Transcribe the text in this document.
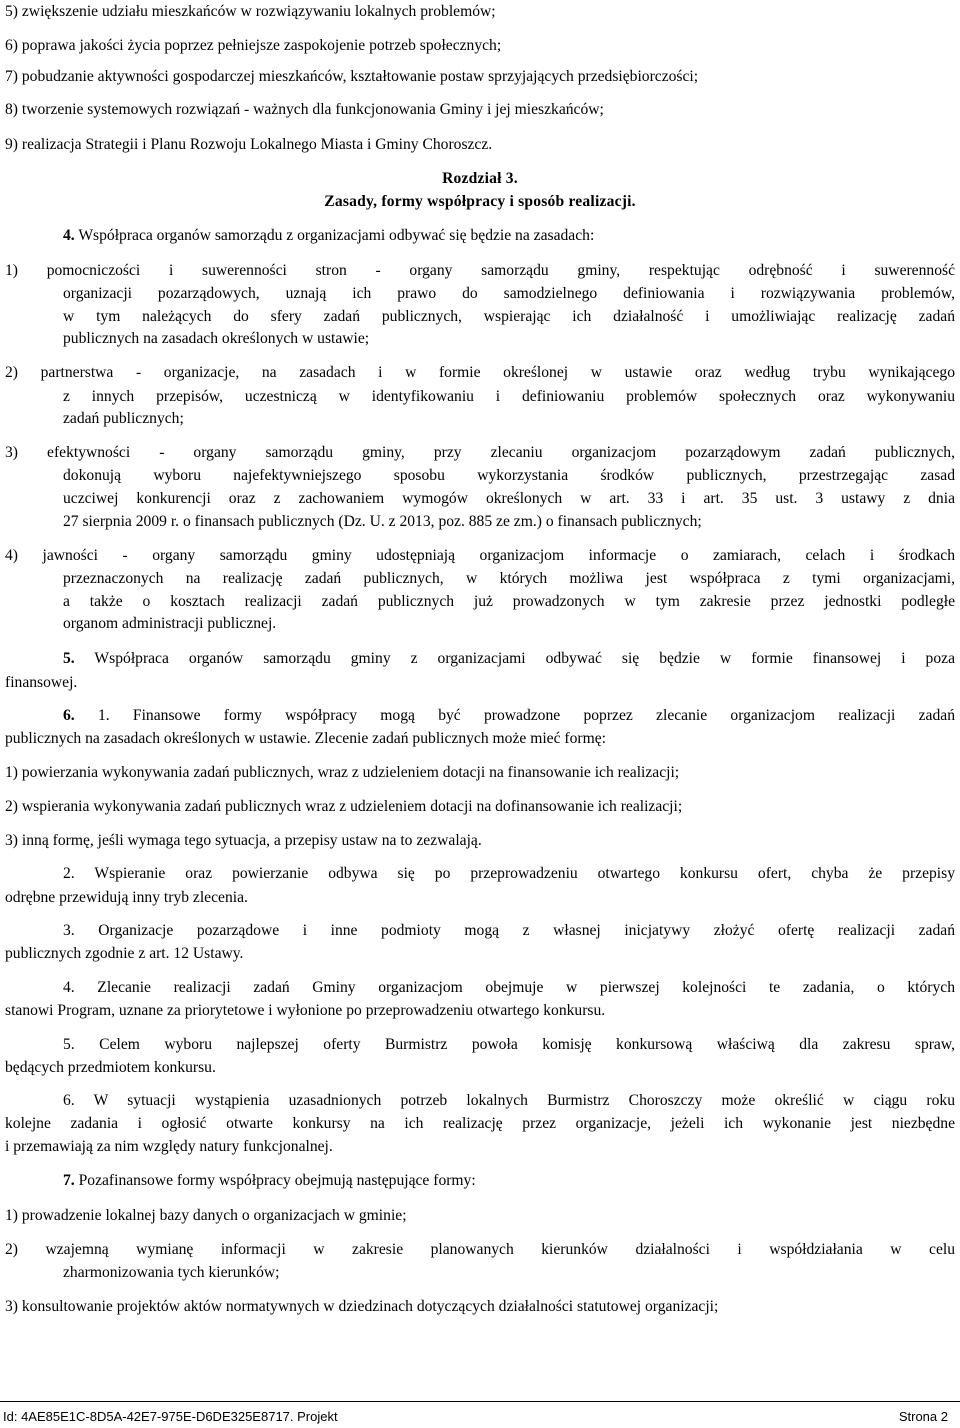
5) zwiększenie udziału mieszkańców w rozwiązywaniu lokalnych problemów;
6) poprawa jakości życia poprzez pełniejsze zaspokojenie potrzeb społecznych;
7) pobudzanie aktywności gospodarczej mieszkańców, kształtowanie postaw sprzyjających przedsiębiorczości;
8) tworzenie systemowych rozwiązań - ważnych dla funkcjonowania Gminy i jej mieszkańców;
9) realizacja Strategii i Planu Rozwoju Lokalnego Miasta i Gminy Choroszcz.
Rozdział 3.
Zasady, formy współpracy i sposób realizacji.
4. Współpraca organów samorządu z organizacjami odbywać się będzie na zasadach:
1) pomocniczości i suwerenności stron - organy samorządu gminy, respektując odrębność i suwerenność
organizacji pozarządowych, uznają ich prawo do samodzielnego definiowania i rozwiązywania problemów,
w tym należących do sfery zadań publicznych, wspierając ich działalność i umożliwiając realizację zadań
publicznych na zasadach określonych w ustawie;
2) partnerstwa - organizacje, na zasadach i w formie określonej w ustawie oraz według trybu wynikającego
z innych przepisów, uczestniczą w identyfikowaniu i definiowaniu problemów społecznych oraz wykonywaniu
zadań publicznych;
3) efektywności - organy samorządu gminy, przy zlecaniu organizacjom pozarządowym zadań publicznych,
dokonują wyboru najefektywniejszego sposobu wykorzystania środków publicznych, przestrzegając zasad
uczciwej konkurencji oraz z zachowaniem wymogów określonych w art. 33 i art. 35 ust. 3 ustawy z dnia
27 sierpnia 2009 r. o finansach publicznych (Dz. U. z 2013, poz. 885 ze zm.) o finansach publicznych;
4) jawności - organy samorządu gminy udostępniają organizacjom informacje o zamiarach, celach i środkach
przeznaczonych na realizację zadań publicznych, w których możliwa jest współpraca z tymi organizacjami,
a także o kosztach realizacji zadań publicznych już prowadzonych w tym zakresie przez jednostki podległe
organom administracji publicznej.
5. Współpraca organów samorządu gminy z organizacjami odbywać się będzie w formie finansowej i poza
finansowej.
6. 1. Finansowe formy współpracy mogą być prowadzone poprzez zlecanie organizacjom realizacji zadań
publicznych na zasadach określonych w ustawie. Zlecenie zadań publicznych może mieć formę:
1) powierzania wykonywania zadań publicznych, wraz z udzieleniem dotacji na finansowanie ich realizacji;
2) wspierania wykonywania zadań publicznych wraz z udzieleniem dotacji na dofinansowanie ich realizacji;
3) inną formę, jeśli wymaga tego sytuacja, a przepisy ustaw na to zezwalają.
2. Wspieranie oraz powierzanie odbywa się po przeprowadzeniu otwartego konkursu ofert, chyba że przepisy
odrębne przewidują inny tryb zlecenia.
3. Organizacje pozarządowe i inne podmioty mogą z własnej inicjatywy złożyć ofertę realizacji zadań
publicznych zgodnie z art. 12 Ustawy.
4. Zlecanie realizacji zadań Gminy organizacjom obejmuje w pierwszej kolejności te zadania, o których
stanowi Program, uznane za priorytetowe i wyłonione po przeprowadzeniu otwartego konkursu.
5. Celem wyboru najlepszej oferty Burmistrz powoła komisję konkursową właściwą dla zakresu spraw,
będących przedmiotem konkursu.
6. W sytuacji wystąpienia uzasadnionych potrzeb lokalnych Burmistrz Choroszczy może określić w ciągu roku
kolejne zadania i ogłosić otwarte konkursy na ich realizację przez organizacje, jeżeli ich wykonanie jest niezbędne
i przemawiają za nim względy natury funkcjonalnej.
7. Pozafinansowe formy współpracy obejmują następujące formy:
1) prowadzenie lokalnej bazy danych o organizacjach w gminie;
2) wzajemną wymianę informacji w zakresie planowanych kierunków działalności i współdziałania w celu
zharmonizowania tych kierunków;
3) konsultowanie projektów aktów normatywnych w dziedzinach dotyczących działalności statutowej organizacji;
Id: 4AE85E1C-8D5A-42E7-975E-D6DE325E8717. Projekt	Strona 2
